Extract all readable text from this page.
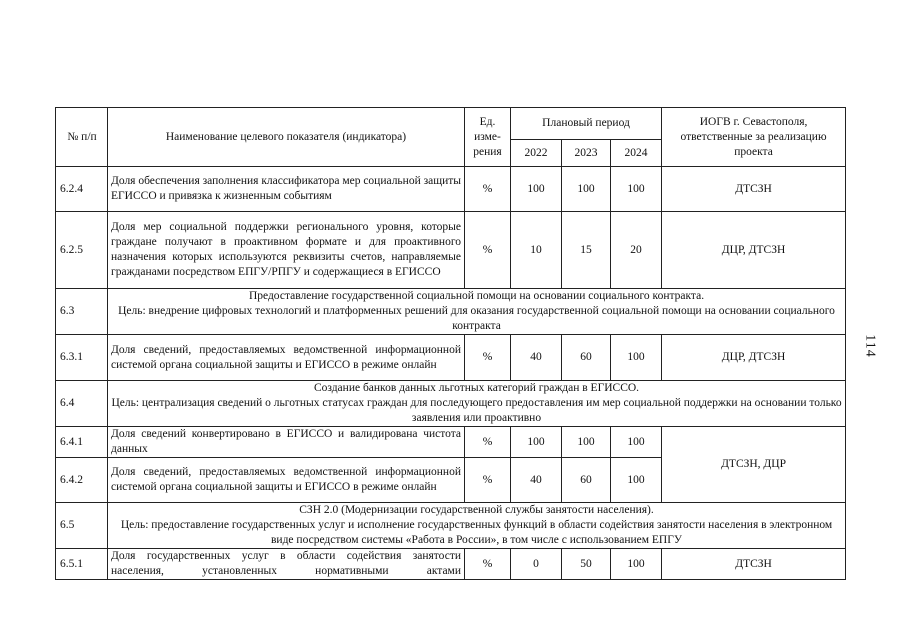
№ п/п	Наименование целевого показателя (индикатора)	Ед. изме- рения	Плановый период			ИОГВ г. Севастополя, ответственные за реализацию проекта
			2022	2023	2024	
6.2.4	Доля обеспечения заполнения классификатора мер социальной защиты ЕГИССО и привязка к жизненным событиям	%	100	100	100	ДТСЗН
6.2.5	Доля мер социальной поддержки регионального уровня, которые граждане получают в проактивном формате и для проактивного назначения которых используются реквизиты счетов, направляемые гражданами посредством ЕПГУ/РПГУ и содержащиеся в ЕГИССО	%	10	15	20	ДЦР, ДТСЗН
6.3	Предоставление государственной социальной помощи на основании социального контракта.
Цель: внедрение цифровых технологий и платформенных решений для оказания государственной социальной помощи на основании социального контракта					

6.3.1	Доля сведений, предоставляемых ведомственной информационной системой органа социальной защиты и ЕГИССО в режиме онлайн	%	40	60	100	ДЦР, ДТСЗН
6.4	Создание банков данных льготных категорий граждан в ЕГИССО.
Цель: централизация сведений о льготных статусах граждан для последующего предоставления им мер социальной поддержки на основании только заявления или проактивно					

6.4.1	Доля сведений конвертировано в ЕГИССО и валидирована чистота данных	%	100	100	100	ДТСЗН, ДЦР
6.4.2	Доля сведений, предоставляемых ведомственной информационной системой органа социальной защиты и ЕГИССО в режиме онлайн	%	40	60	100	
6.5	СЗН 2.0 (Модернизации государственной службы занятости населения).
Цель: предоставление государственных услуг и исполнение государственных функций в области содействия занятости населения в электронном виде посредством системы «Работа в России», в том числе с использованием ЕПГУ					

6.5.1	Доля государственных услуг в области содействия занятости населения, установленных нормативными актами	%	0	50	100	ДТСЗН
114
